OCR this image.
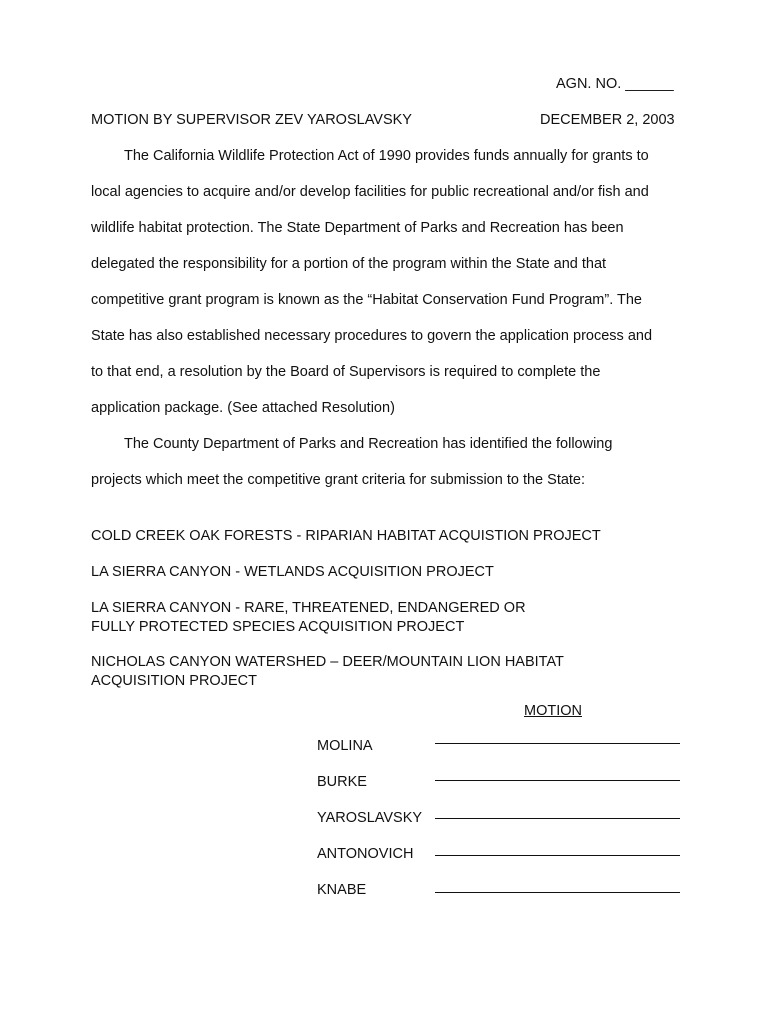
AGN. NO. ______
MOTION BY SUPERVISOR ZEV YAROSLAVSKY	DECEMBER 2, 2003
The California Wildlife Protection Act of 1990 provides funds annually for grants to
local agencies to acquire and/or develop facilities for public recreational and/or fish and
wildlife habitat protection. The State Department of Parks and Recreation has been
delegated the responsibility for a portion of the program within the State and that
competitive grant program is known as the “Habitat Conservation Fund Program”. The
State has also established necessary procedures to govern the application process and
to that end, a resolution by the Board of Supervisors is required to complete the
application package. (See attached Resolution)
The County Department of Parks and Recreation has identified the following
projects which meet the competitive grant criteria for submission to the State:
COLD CREEK OAK FORESTS - RIPARIAN HABITAT ACQUISTION PROJECT
LA SIERRA CANYON - WETLANDS ACQUISITION PROJECT
LA SIERRA CANYON - RARE, THREATENED, ENDANGERED OR
FULLY PROTECTED SPECIES ACQUISITION PROJECT
NICHOLAS CANYON WATERSHED – DEER/MOUNTAIN LION HABITAT
ACQUISITION PROJECT
MOTION
MOLINA
BURKE
YAROSLAVSKY
ANTONOVICH
KNABE
